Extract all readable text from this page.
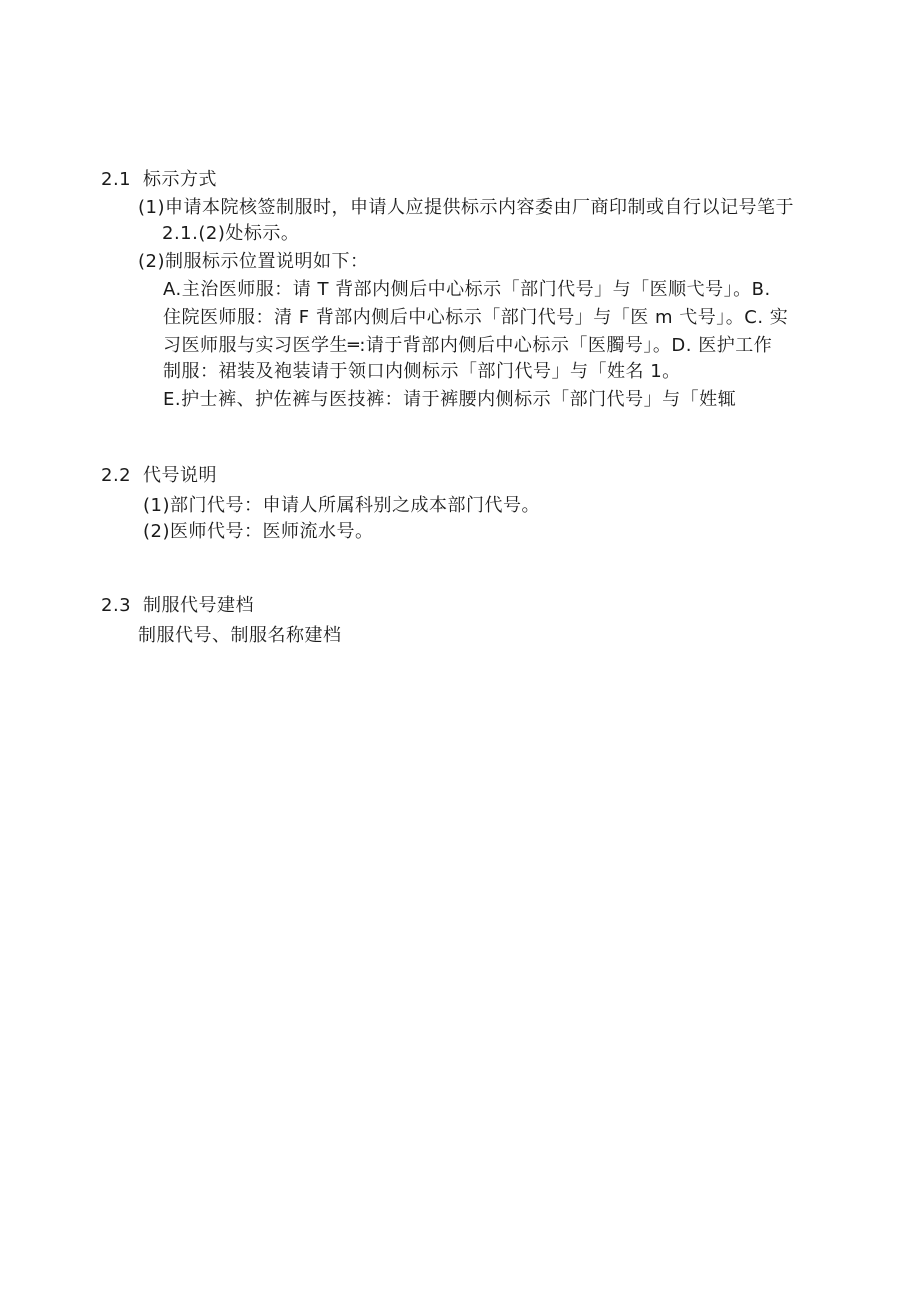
2.1 标示方式
(1)申请本院核签制服时，申请人应提供标示内容委由厂商印制或自行以记号笔于
2.1.(2)处标示。
(2)制服标示位置说明如下：
A.主治医师服：请 T 背部内侧后中心标示「部门代号」与「医顺弋号」。B.
住院医师服：清 F 背部内侧后中心标示「部门代号」与「医 m 弋号」。C. 实
习医师服与实习医学生═:请于背部内侧后中心标示「医臅号」。D. 医护工作
制服：裙装及袍装请于领口内侧标示「部门代号」与「姓名 1。
E.护士裤、护佐裤与医技裤：请于裤腰内侧标示「部门代号」与「姓辄
2.2 代号说明
(1)部门代号：申请人所属科别之成本部门代号。
(2)医师代号：医师流水号。
2.3 制服代号建档
制服代号、制服名称建档
